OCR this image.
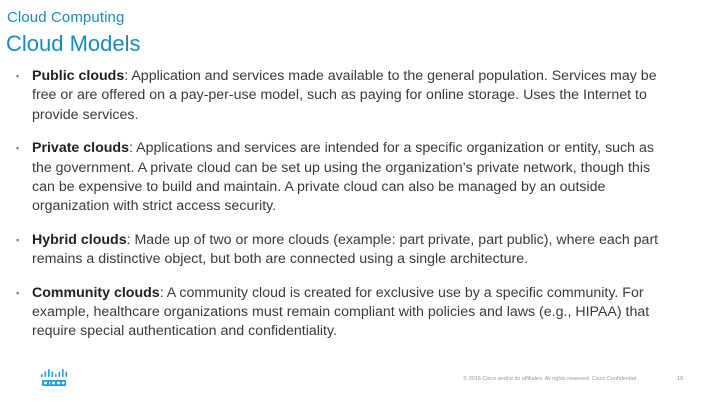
Cloud Computing
Cloud Models
▪ Public clouds: Application and services made available to the general population. Services may be free or are offered on a pay-per-use model, such as paying for online storage. Uses the Internet to provide services.
▪ Private clouds: Applications and services are intended for a specific organization or entity, such as the government. A private cloud can be set up using the organization’s private network, though this can be expensive to build and maintain. A private cloud can also be managed by an outside organization with strict access security.
▪ Hybrid clouds: Made up of two or more clouds (example: part private, part public), where each part remains a distinctive object, but both are connected using a single architecture.
▪ Community clouds: A community cloud is created for exclusive use by a specific community. For example, healthcare organizations must remain compliant with policies and laws (e.g., HIPAA) that require special authentication and confidentiality.
© 2016 Cisco and/or its affiliates. All rights reserved. Cisco Confidential	18
